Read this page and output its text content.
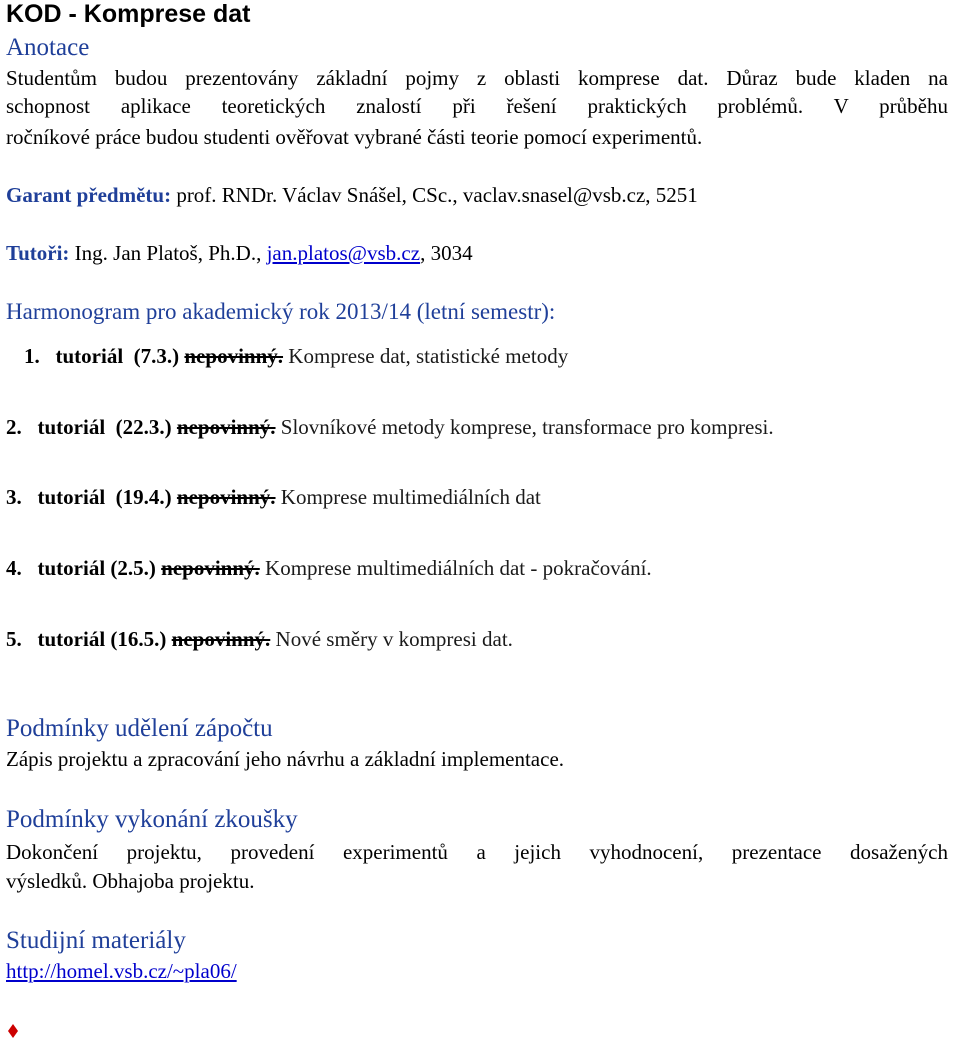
KOD - Komprese dat
Anotace
Studentům budou prezentovány základní pojmy z oblasti komprese dat. Důraz bude kladen na
schopnost aplikace teoretických znalostí při řešení praktických problémů. V průběhu
ročníkové práce budou studenti ověřovat vybrané části teorie pomocí experimentů.
Garant předmětu: prof. RNDr. Václav Snášel, CSc., vaclav.snasel@vsb.cz, 5251
Tutoři: Ing. Jan Platoš, Ph.D., jan.platos@vsb.cz, 3034
Harmonogram pro akademický rok 2013/14 (letní semestr):
1. tutoriál (7.3.) nepovinný. Komprese dat, statistické metody
2. tutoriál (22.3.) nepovinný. Slovníkové metody komprese, transformace pro kompresi.
3. tutoriál (19.4.) nepovinný. Komprese multimediálních dat
4. tutoriál (2.5.) nepovinný. Komprese multimediálních dat - pokračování.
5. tutoriál (16.5.) nepovinný. Nové směry v kompresi dat.
Podmínky udělení zápočtu
Zápis projektu a zpracování jeho návrhu a základní implementace.
Podmínky vykonání zkoušky
Dokončení projektu, provedení experimentů a jejich vyhodnocení, prezentace dosažených
výsledků. Obhajoba projektu.
Studijní materiály
http://homel.vsb.cz/~pla06/
